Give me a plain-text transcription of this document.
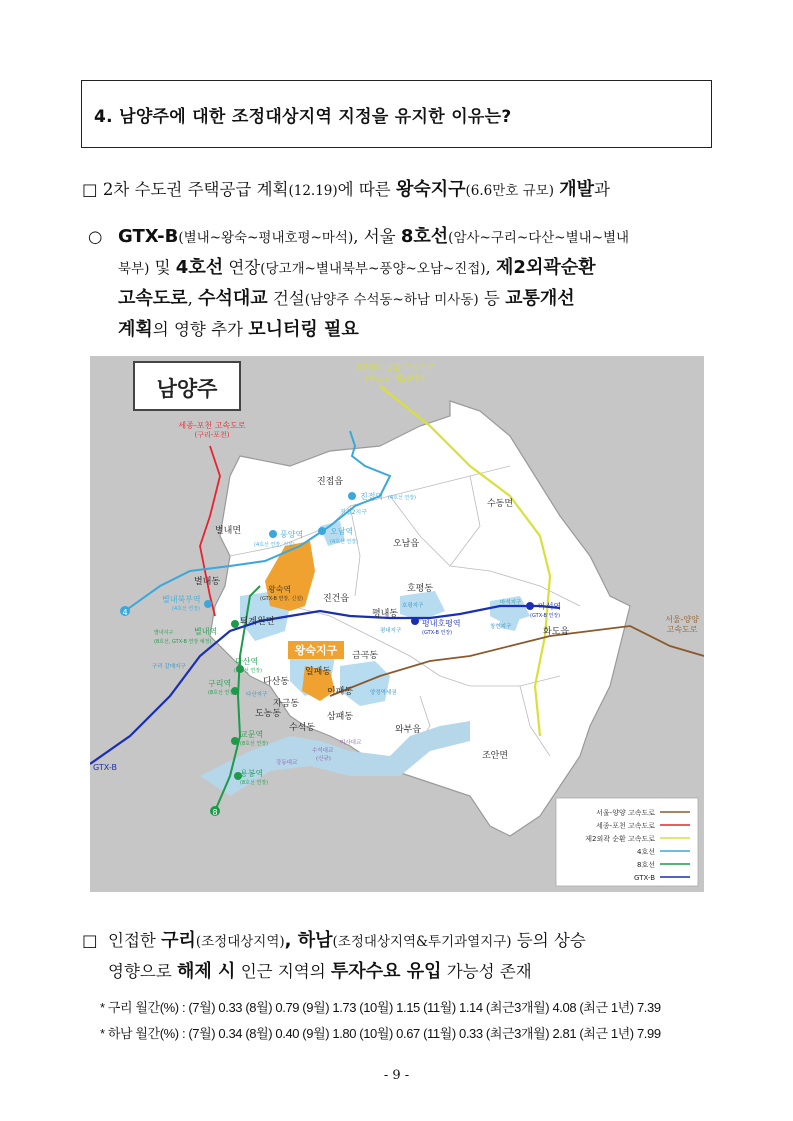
4. 남양주에 대한 조정대상지역 지정을 유지한 이유는?
□ 2차 수도권 주택공급 계획(12.19)에 따른 왕숙지구(6.6만호 규모) 개발과
○ GTX-B(별내~왕숙~평내호평~마석), 서울 8호선(암사~구리~다산~별내~별내
북부) 및 4호선 연장(당고개~별내북부~풍양~오남~진접), 제2외곽순환
고속도로, 수석대교 건설(남양주 수석동~하남 미사동) 등 교통개선
계획의 영향 추가 모니터링 필요
왕숙지구
4
8
남양주
제2외곽 순환 고속도로
(수도권 제2순환)
세종-포천 고속도로
(구리-포천)
서울-양양
고속도로
GTX-B
진접읍
수동면
별내면
오남읍
진건읍
호평동
평내동
화도읍
별내동
퇴계원면
금곡동
일패동
다산동
이패동
자금동
도농동	삼패동
수석동	와부읍
조안면
진접역 (4호선 연장)
진접2지구
풍양역
(4호선 연장, 신설)
오남역
(4호선 연장)
왕숙역
(GTX-B 연장, 신설)
별내북부역
(4호선 연장)
별내역
별내지구
(8호선, GTX-B 연장 예정)
다산역
(8호선 연장)
구리역
(8호선 연장)
교문역
(8호선 연장)
용봉역
(8호선 연장)
평내호평역
(GTX-B 연장)
마석역
(GTX-B 연장)
구리 갈매지구
호평지구
평내지구
마석지구
창현지구
다산지구	양정역세권
수석대교
(신규)
강동대교
미사대교
서울-양양 고속도로
세종-포천 고속도로
제2외곽 순환 고속도로
4호선
8호선
GTX-B
□ 인접한 구리(조정대상지역), 하남(조정대상지역&투기과열지구) 등의 상승
영향으로 해제 시 인근 지역의 투자수요 유입 가능성 존재
* 구리 월간(%) : (7월) 0.33 (8월) 0.79 (9월) 1.73 (10월) 1.15 (11월) 1.14 (최근3개월) 4.08 (최근 1년) 7.39
* 하남 월간(%) : (7월) 0.34 (8월) 0.40 (9월) 1.80 (10월) 0.67 (11월) 0.33 (최근3개월) 2.81 (최근 1년) 7.99
- 9 -
